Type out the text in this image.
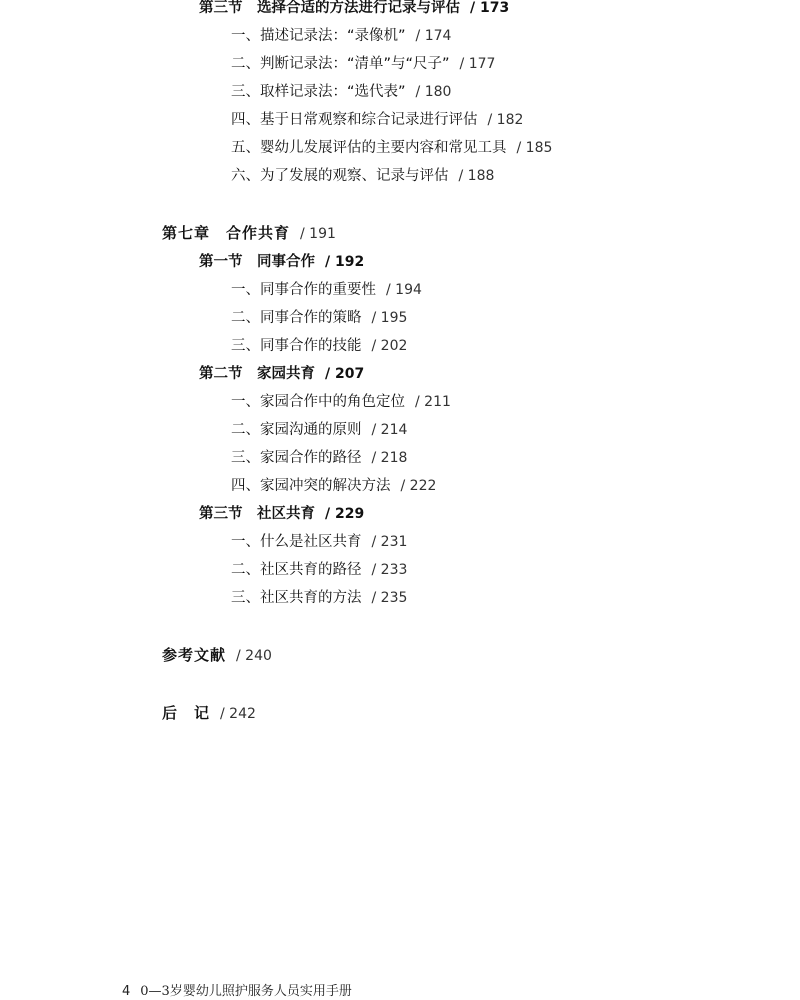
第三节　选择合适的方法进行记录与评估 / 173
一、描述记录法：“录像机” / 174
二、判断记录法：“清单”与“尺子” / 177
三、取样记录法：“选代表” / 180
四、基于日常观察和综合记录进行评估 / 182
五、婴幼儿发展评估的主要内容和常见工具 / 185
六、为了发展的观察、记录与评估 / 188
第七章　合作共育 / 191
第一节　同事合作 / 192
一、同事合作的重要性 / 194
二、同事合作的策略 / 195
三、同事合作的技能 / 202
第二节　家园共育 / 207
一、家园合作中的角色定位 / 211
二、家园沟通的原则 / 214
三、家园合作的路径 / 218
四、家园冲突的解决方法 / 222
第三节　社区共育 / 229
一、什么是社区共育 / 231
二、社区共育的路径 / 233
三、社区共育的方法 / 235
参考文献 / 240
后　记 / 242
4 0—3岁婴幼儿照护服务人员实用手册
